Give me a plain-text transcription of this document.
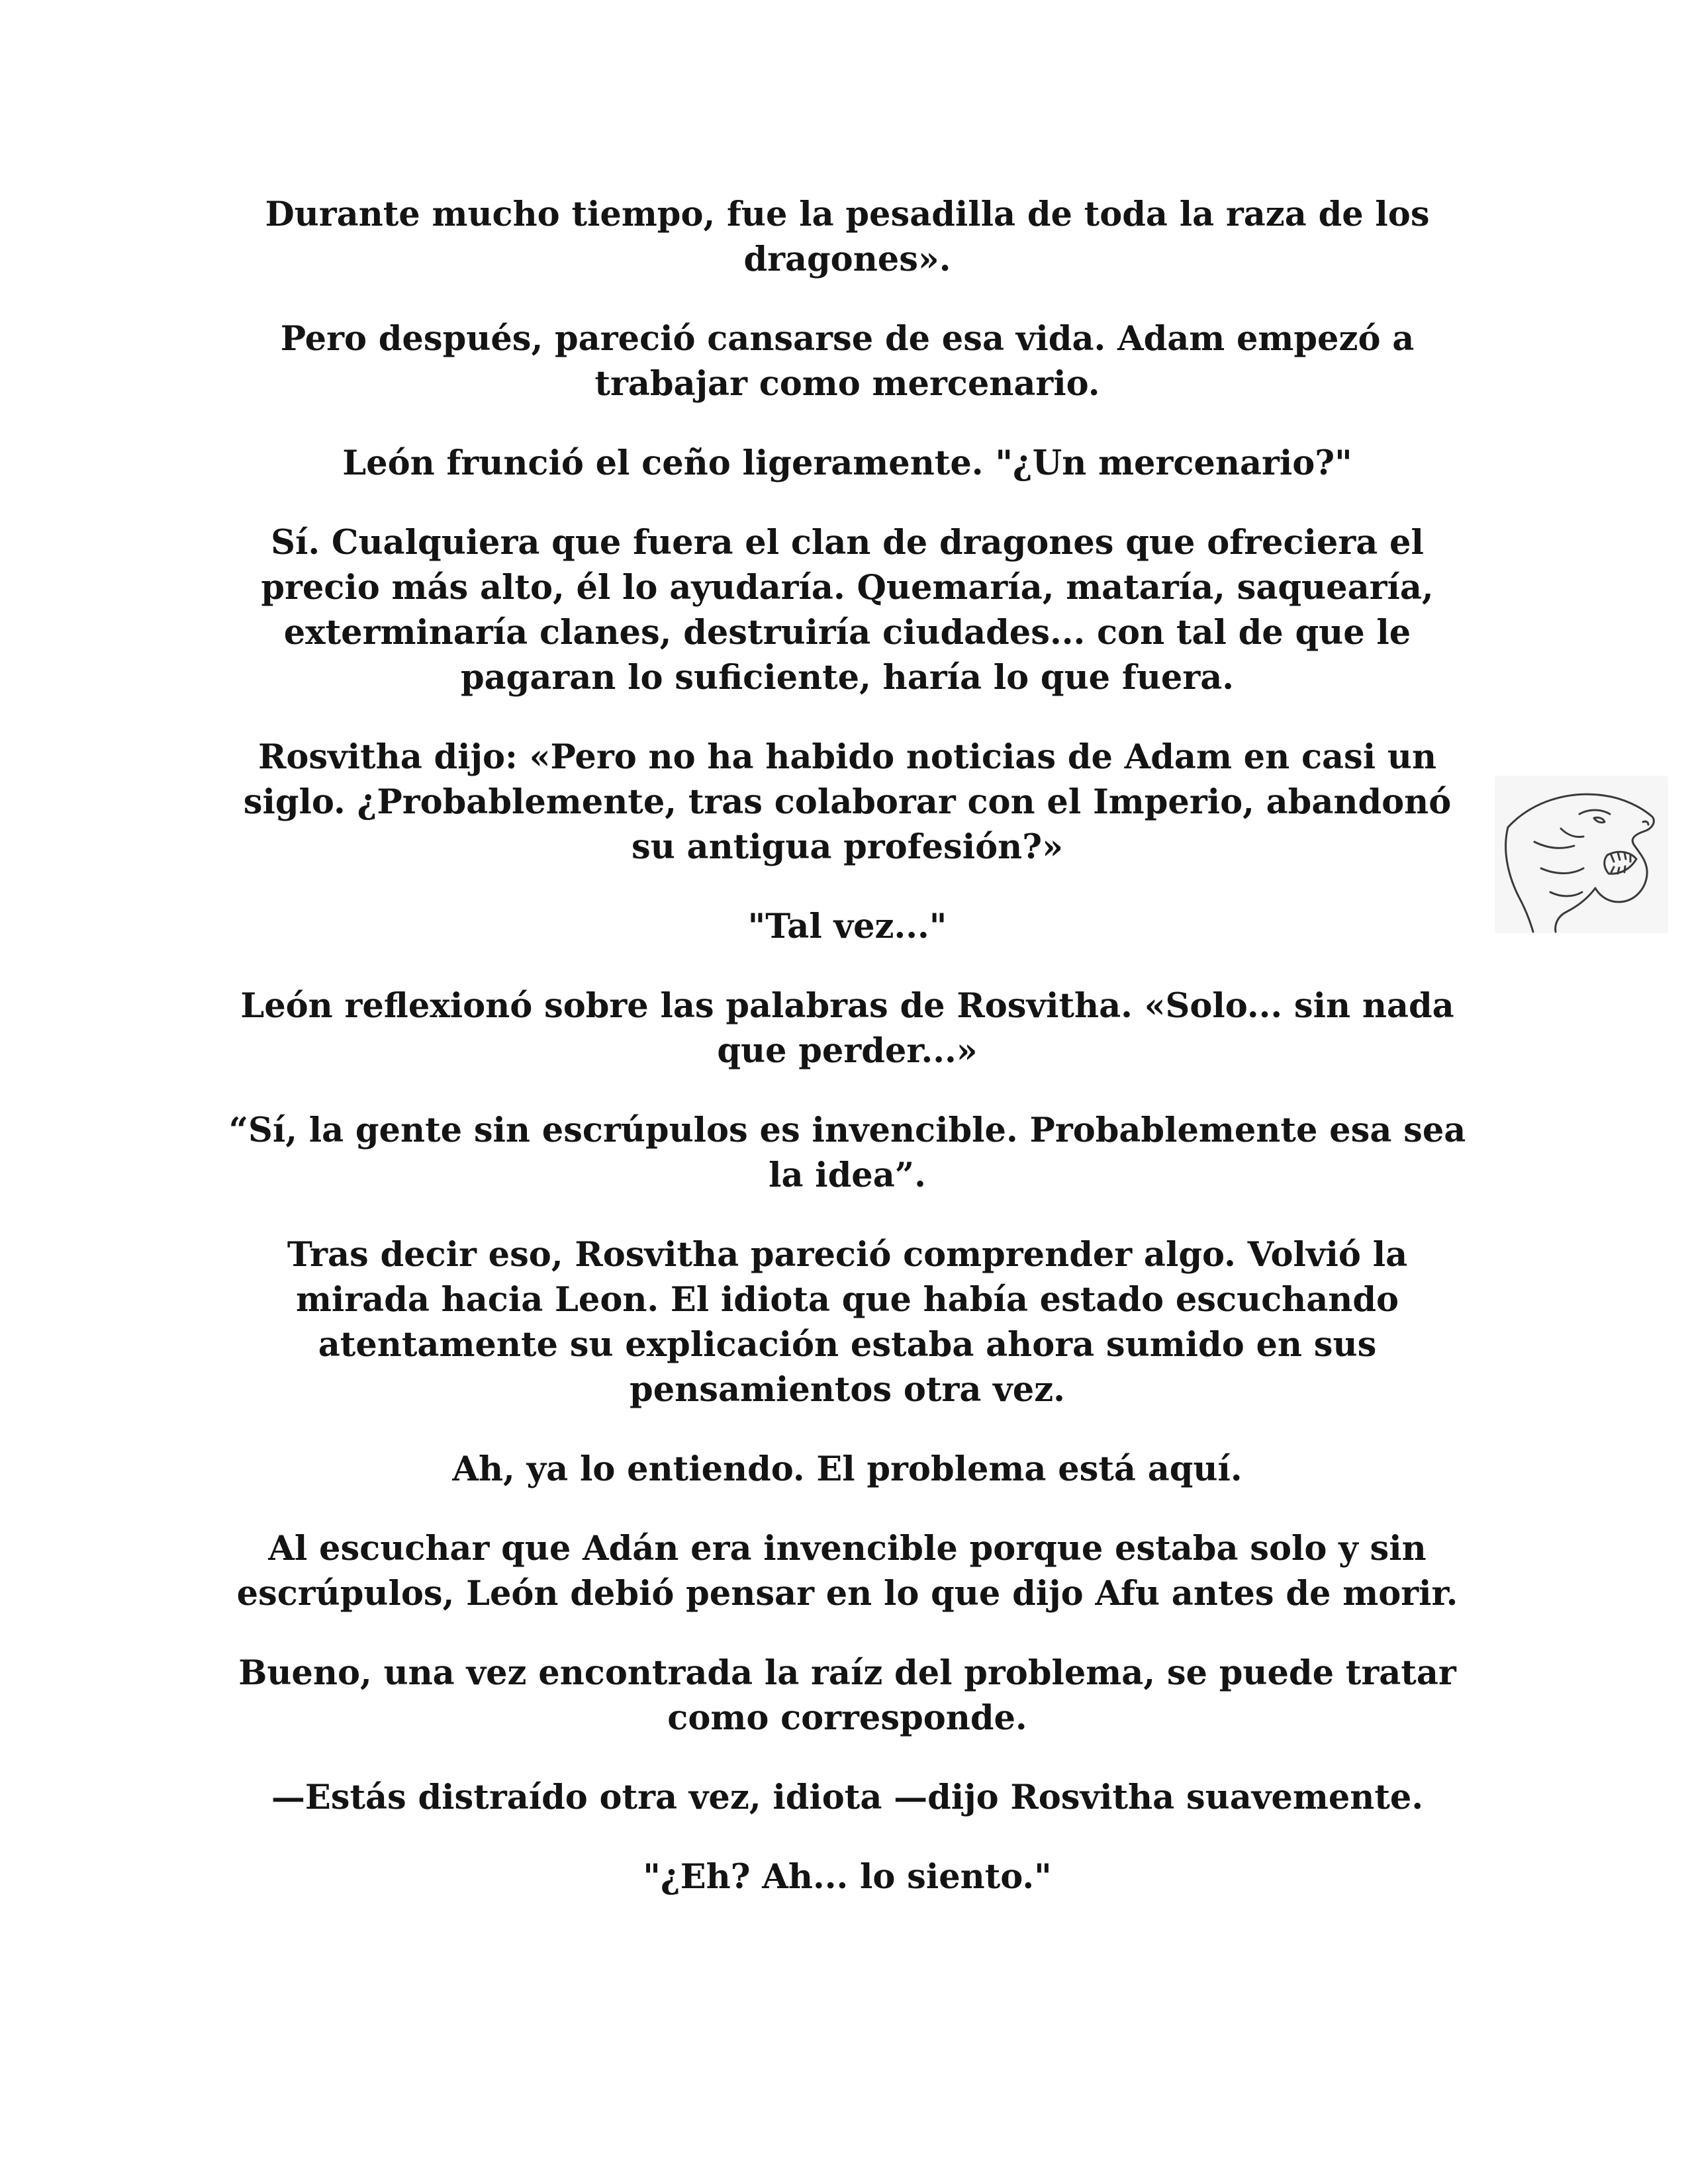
Durante mucho tiempo, fue la pesadilla de toda la raza de los dragones».

Pero después, pareció cansarse de esa vida. Adam empezó a trabajar como mercenario.

León frunció el ceño ligeramente. "¿Un mercenario?"

Sí. Cualquiera que fuera el clan de dragones que ofreciera el precio más alto, él lo ayudaría. Quemaría, mataría, saquearía, exterminaría clanes, destruiría ciudades... con tal de que le pagaran lo suficiente, haría lo que fuera.

Rosvitha dijo: «Pero no ha habido noticias de Adam en casi un siglo. ¿Probablemente, tras colaborar con el Imperio, abandonó su antigua profesión?»

"Tal vez..."

León reflexionó sobre las palabras de Rosvitha. «Solo... sin nada que perder...»

“Sí, la gente sin escrúpulos es invencible. Probablemente esa sea la idea”.

Tras decir eso, Rosvitha pareció comprender algo. Volvió la mirada hacia Leon. El idiota que había estado escuchando atentamente su explicación estaba ahora sumido en sus pensamientos otra vez.

Ah, ya lo entiendo. El problema está aquí.

Al escuchar que Adán era invencible porque estaba solo y sin escrúpulos, León debió pensar en lo que dijo Afu antes de morir.

Bueno, una vez encontrada la raíz del problema, se puede tratar como corresponde.

—Estás distraído otra vez, idiota —dijo Rosvitha suavemente.

"¿Eh? Ah... lo siento."
